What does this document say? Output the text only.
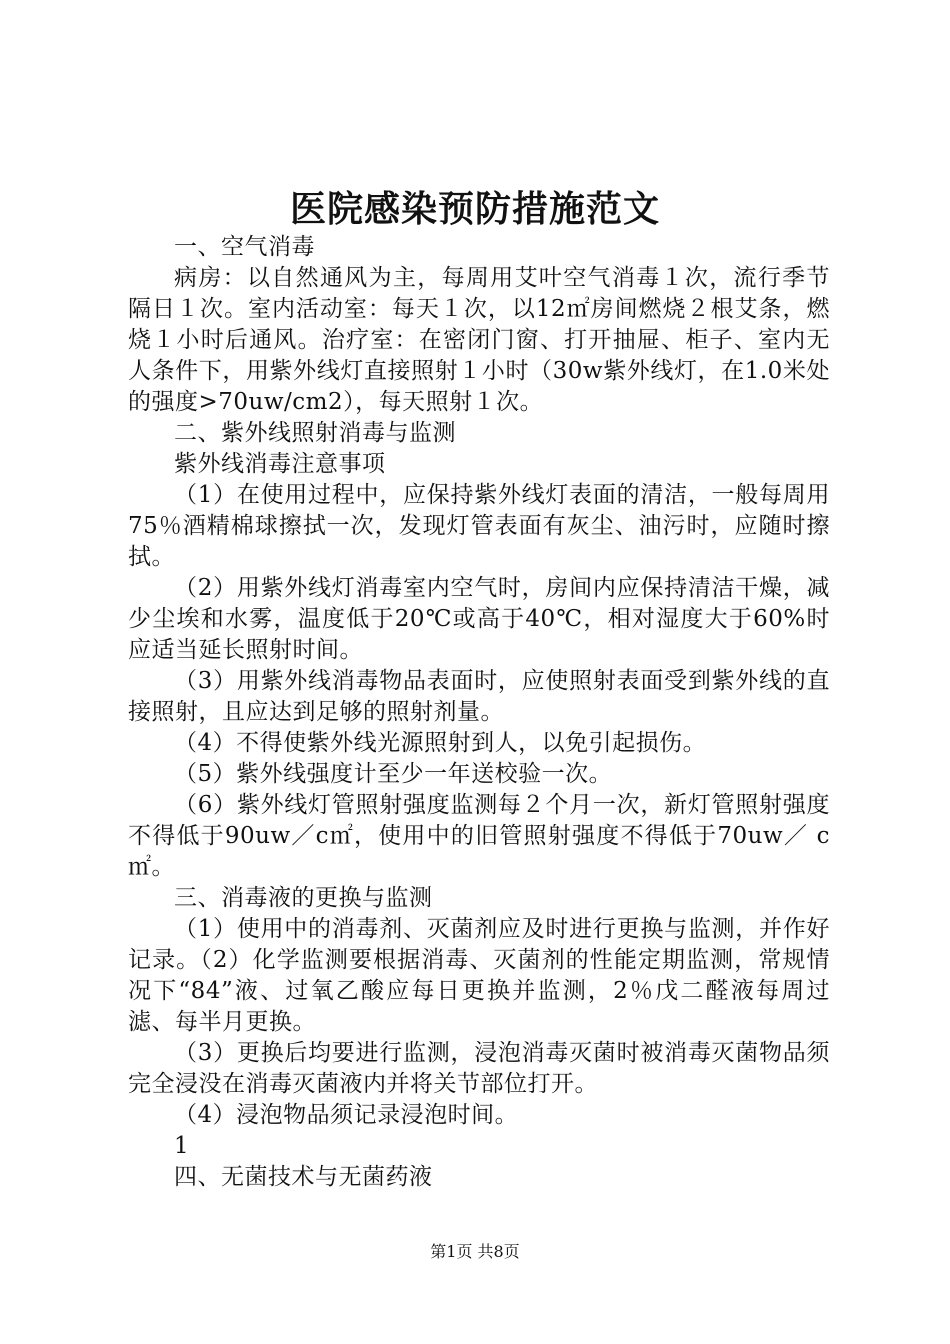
医院感染预防措施范文

一、空气消毒

病房：以自然通风为主，每周用艾叶空气消毒１次，流行季节隔日１次。室内活动室：每天１次，以12㎡房间燃烧２根艾条，燃烧１小时后通风。治疗室：在密闭门窗、打开抽屉、柜子、室内无人条件下，用紫外线灯直接照射１小时（30w紫外线灯，在1.0米处的强度>70uw/cm2），每天照射１次。

二、紫外线照射消毒与监测

紫外线消毒注意事项

（1）在使用过程中，应保持紫外线灯表面的清洁，一般每周用75％酒精棉球擦拭一次，发现灯管表面有灰尘、油污时，应随时擦拭。

（2）用紫外线灯消毒室内空气时，房间内应保持清洁干燥，减少尘埃和水雾，温度低于20℃或高于40℃，相对湿度大于60%时应适当延长照射时间。

（3）用紫外线消毒物品表面时，应使照射表面受到紫外线的直接照射，且应达到足够的照射剂量。

（4）不得使紫外线光源照射到人，以免引起损伤。

（5）紫外线强度计至少一年送校验一次。

（6）紫外线灯管照射强度监测每２个月一次，新灯管照射强度不得低于90uw／c㎡，使用中的旧管照射强度不得低于70uw／ c㎡。

三、消毒液的更换与监测

（1）使用中的消毒剂、灭菌剂应及时进行更换与监测，并作好记录。（2）化学监测要根据消毒、灭菌剂的性能定期监测，常规情况下“84”液、过氧乙酸应每日更换并监测，2％戊二醛液每周过滤、每半月更换。

（3）更换后均要进行监测，浸泡消毒灭菌时被消毒灭菌物品须完全浸没在消毒灭菌液内并将关节部位打开。

（4）浸泡物品须记录浸泡时间。

1

四、无菌技术与无菌药液

第1页 共8页
